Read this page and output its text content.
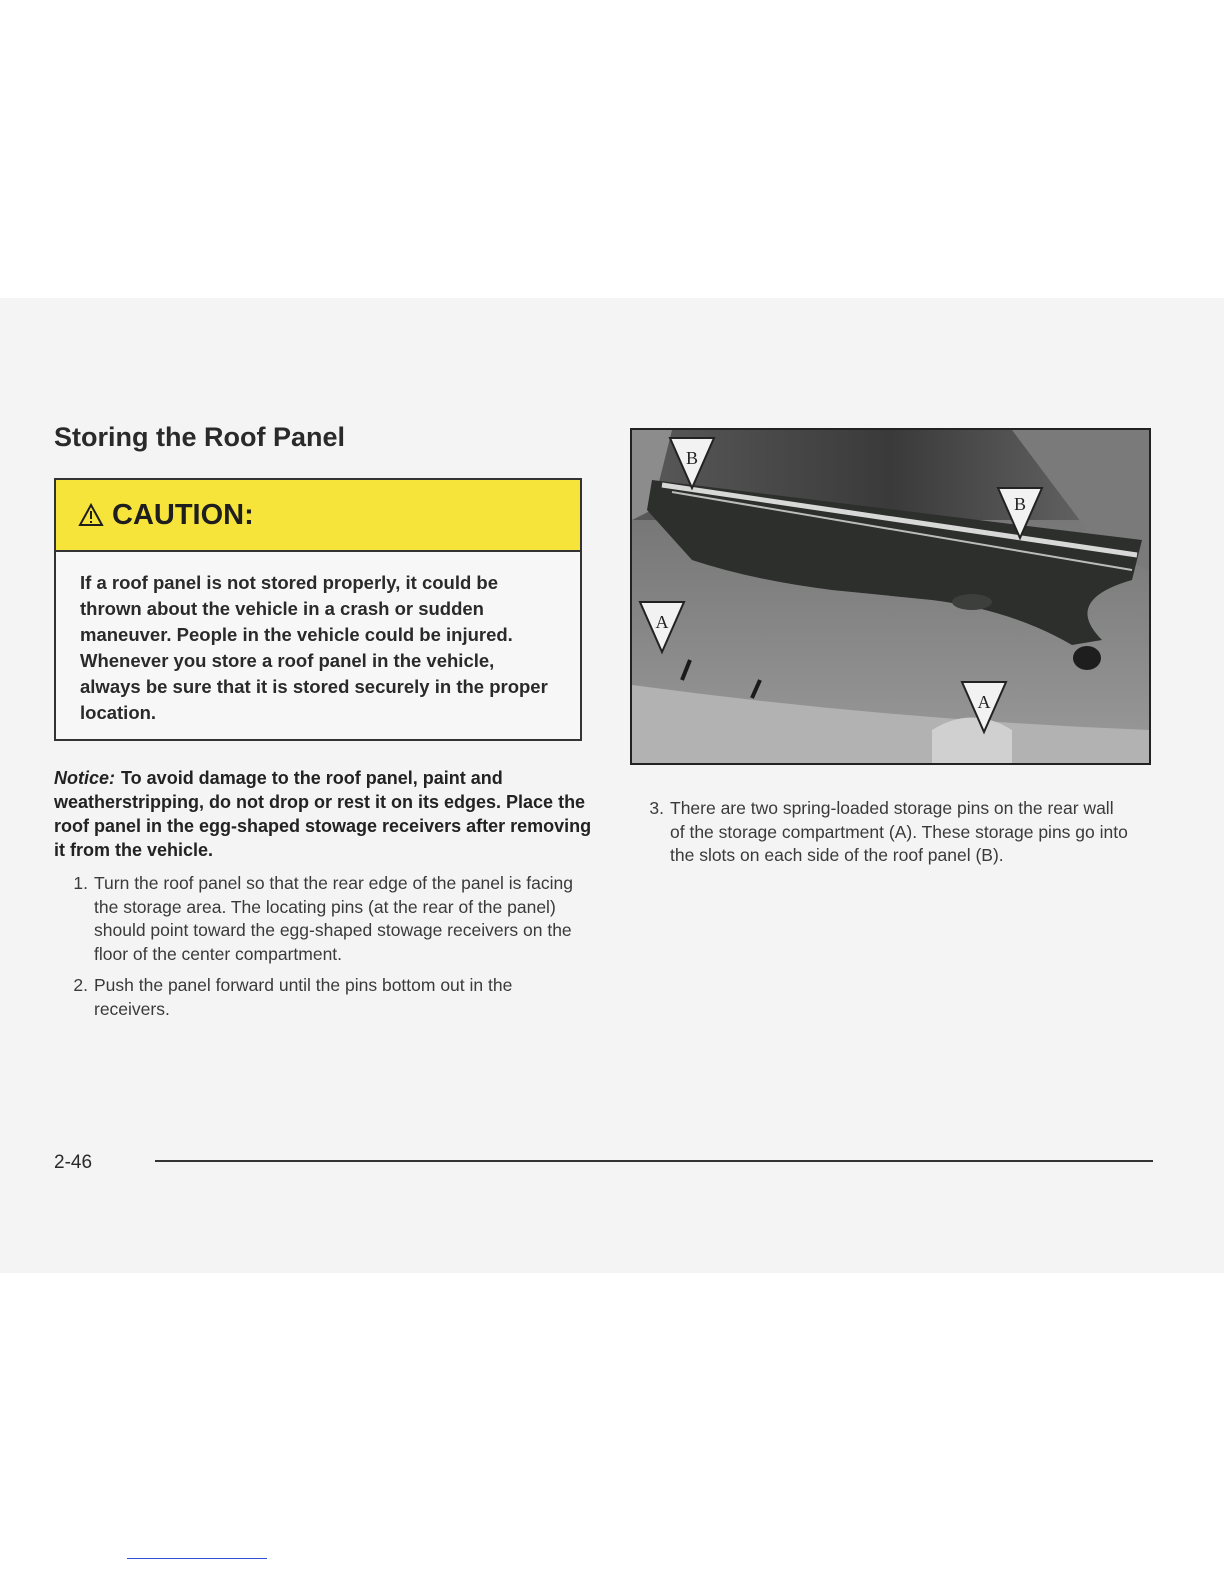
Storing the Roof Panel
CAUTION:

If a roof panel is not stored properly, it could be thrown about the vehicle in a crash or sudden maneuver. People in the vehicle could be injured. Whenever you store a roof panel in the vehicle, always be sure that it is stored securely in the proper location.

Notice: To avoid damage to the roof panel, paint and weatherstripping, do not drop or rest it on its edges. Place the roof panel in the egg-shaped stowage receivers after removing it from the vehicle.

1. Turn the roof panel so that the rear edge of the panel is facing the storage area. The locating pins (at the rear of the panel) should point toward the egg-shaped stowage receivers on the floor of the center compartment.
2. Push the panel forward until the pins bottom out in the receivers.
B
B
A
A
3. There are two spring-loaded storage pins on the rear wall of the storage compartment (A). These storage pins go into the slots on each side of the roof panel (B).

2-46
